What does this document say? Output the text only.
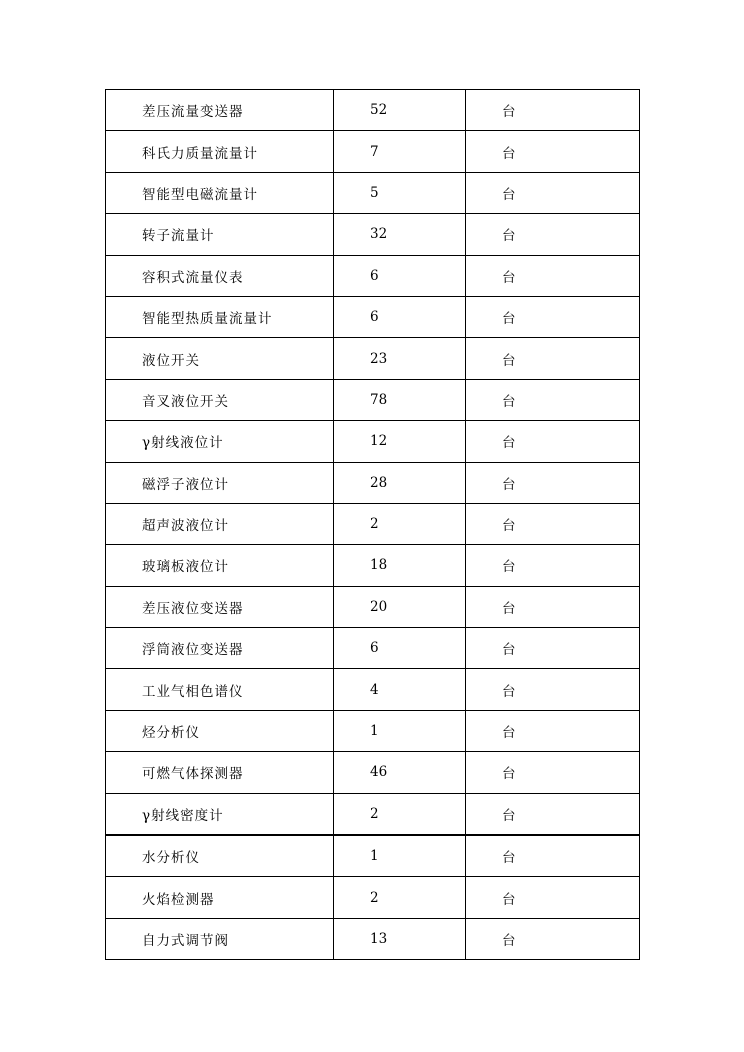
差压流量变送器	52	台
科氏力质量流量计	7	台
智能型电磁流量计	5	台
转子流量计	32	台
容积式流量仪表	6	台
智能型热质量流量计	6	台
液位开关	23	台
音叉液位开关	78	台
γ射线液位计	12	台
磁浮子液位计	28	台
超声波液位计	2	台
玻璃板液位计	18	台
差压液位变送器	20	台
浮筒液位变送器	6	台
工业气相色谱仪	4	台
烃分析仪	1	台
可燃气体探测器	46	台
γ射线密度计	2	台
水分析仪	1	台
火焰检测器	2	台
自力式调节阀	13	台
